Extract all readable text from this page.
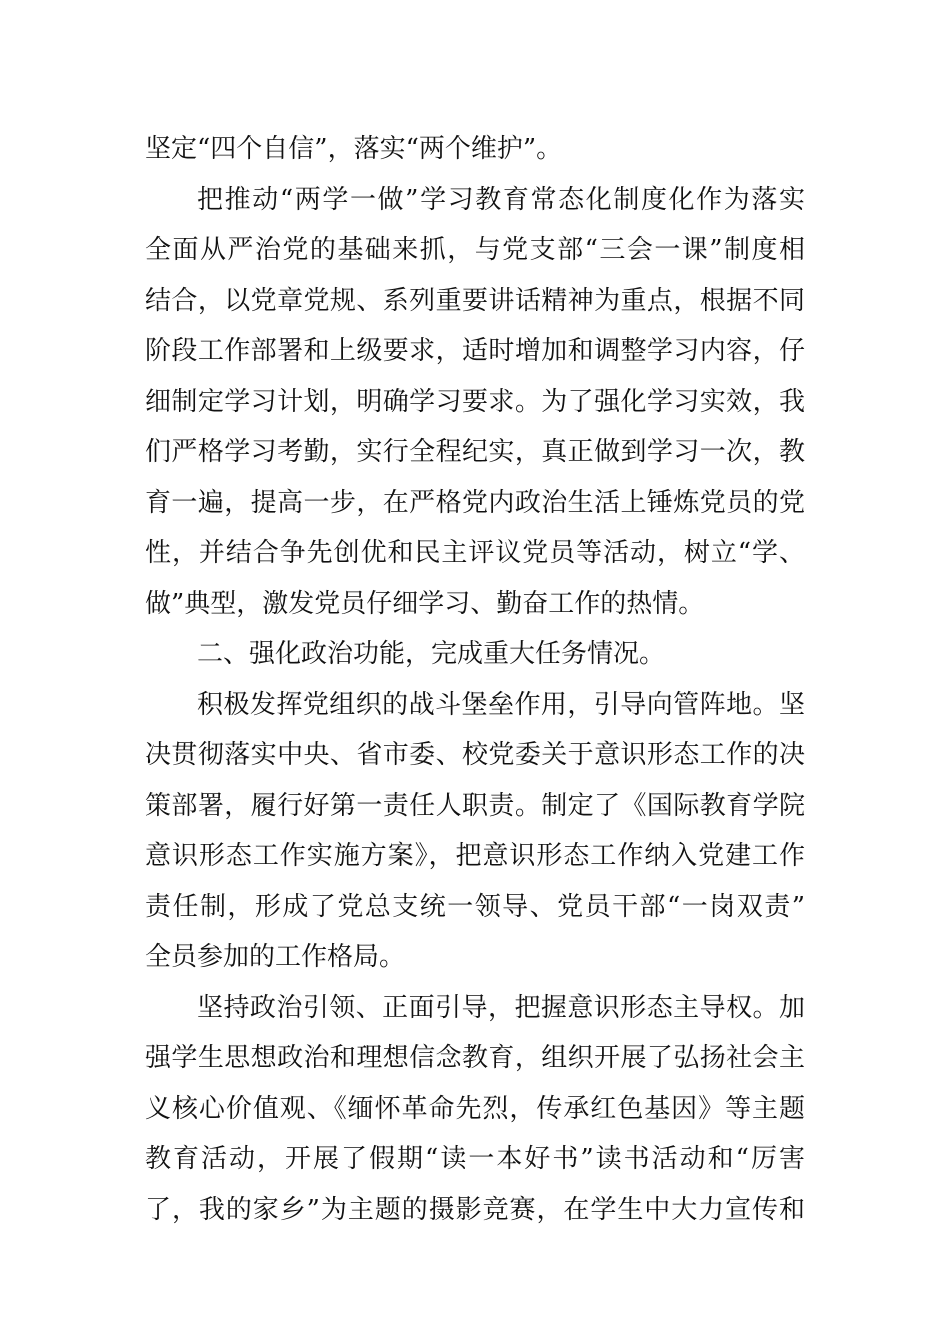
坚定“四个自信”，落实“两个维护”。
把推动“两学一做”学习教育常态化制度化作为落实
全面从严治党的基础来抓，与党支部“三会一课”制度相
结合，以党章党规、系列重要讲话精神为重点，根据不同
阶段工作部署和上级要求，适时增加和调整学习内容，仔
细制定学习计划，明确学习要求。为了强化学习实效，我
们严格学习考勤，实行全程纪实，真正做到学习一次，教
育一遍，提高一步，在严格党内政治生活上锤炼党员的党
性，并结合争先创优和民主评议党员等活动，树立“学、
做”典型，激发党员仔细学习、勤奋工作的热情。
二、强化政治功能，完成重大任务情况。
积极发挥党组织的战斗堡垒作用，引导向管阵地。坚
决贯彻落实中央、省市委、校党委关于意识形态工作的决
策部署，履行好第一责任人职责。制定了《国际教育学院
意识形态工作实施方案》，把意识形态工作纳入党建工作
责任制，形成了党总支统一领导、党员干部“一岗双责”
全员参加的工作格局。
坚持政治引领、正面引导，把握意识形态主导权。加
强学生思想政治和理想信念教育，组织开展了弘扬社会主
义核心价值观、《缅怀革命先烈，传承红色基因》等主题
教育活动，开展了假期“读一本好书”读书活动和“厉害
了，我的家乡”为主题的摄影竞赛，在学生中大力宣传和
